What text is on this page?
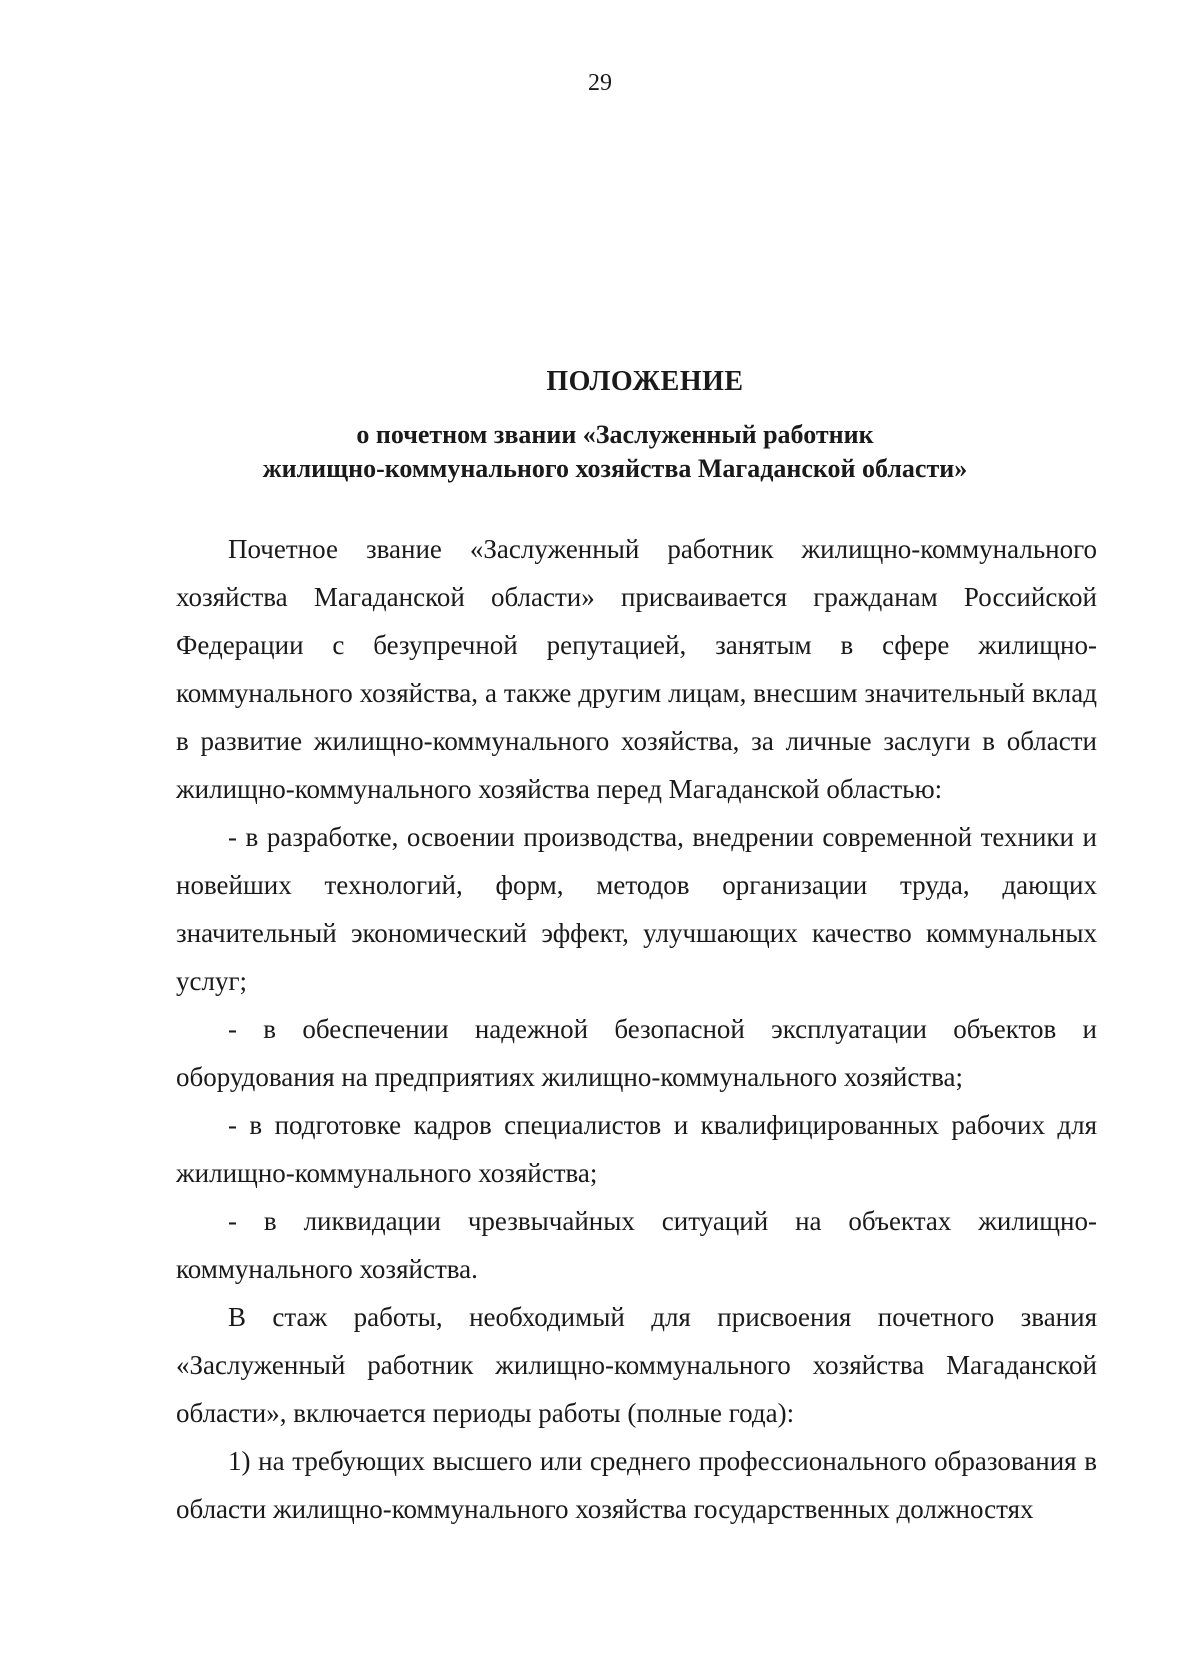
29
ПОЛОЖЕНИЕ
о почетном звании «Заслуженный работник
жилищно-коммунального хозяйства Магаданской области»

Почетное звание «Заслуженный работник жилищно-коммунального хозяйства Магаданской области» присваивается гражданам Российской Федерации с безупречной репутацией, занятым в сфере жилищно-коммунального хозяйства, а также другим лицам, внесшим значительный вклад в развитие жилищно-коммунального хозяйства, за личные заслуги в области жилищно-коммунального хозяйства перед Магаданской областью:

- в разработке, освоении производства, внедрении современной техники и новейших технологий, форм, методов организации труда, дающих значительный экономический эффект, улучшающих качество коммунальных услуг;

- в обеспечении надежной безопасной эксплуатации объектов и оборудования на предприятиях жилищно-коммунального хозяйства;

- в подготовке кадров специалистов и квалифицированных рабочих для жилищно-коммунального хозяйства;

- в ликвидации чрезвычайных ситуаций на объектах жилищно-коммунального хозяйства.

В стаж работы, необходимый для присвоения почетного звания «Заслуженный работник жилищно-коммунального хозяйства Магаданской области», включается периоды работы (полные года):

1) на требующих высшего или среднего профессионального образования в области жилищно-коммунального хозяйства государственных должностях
